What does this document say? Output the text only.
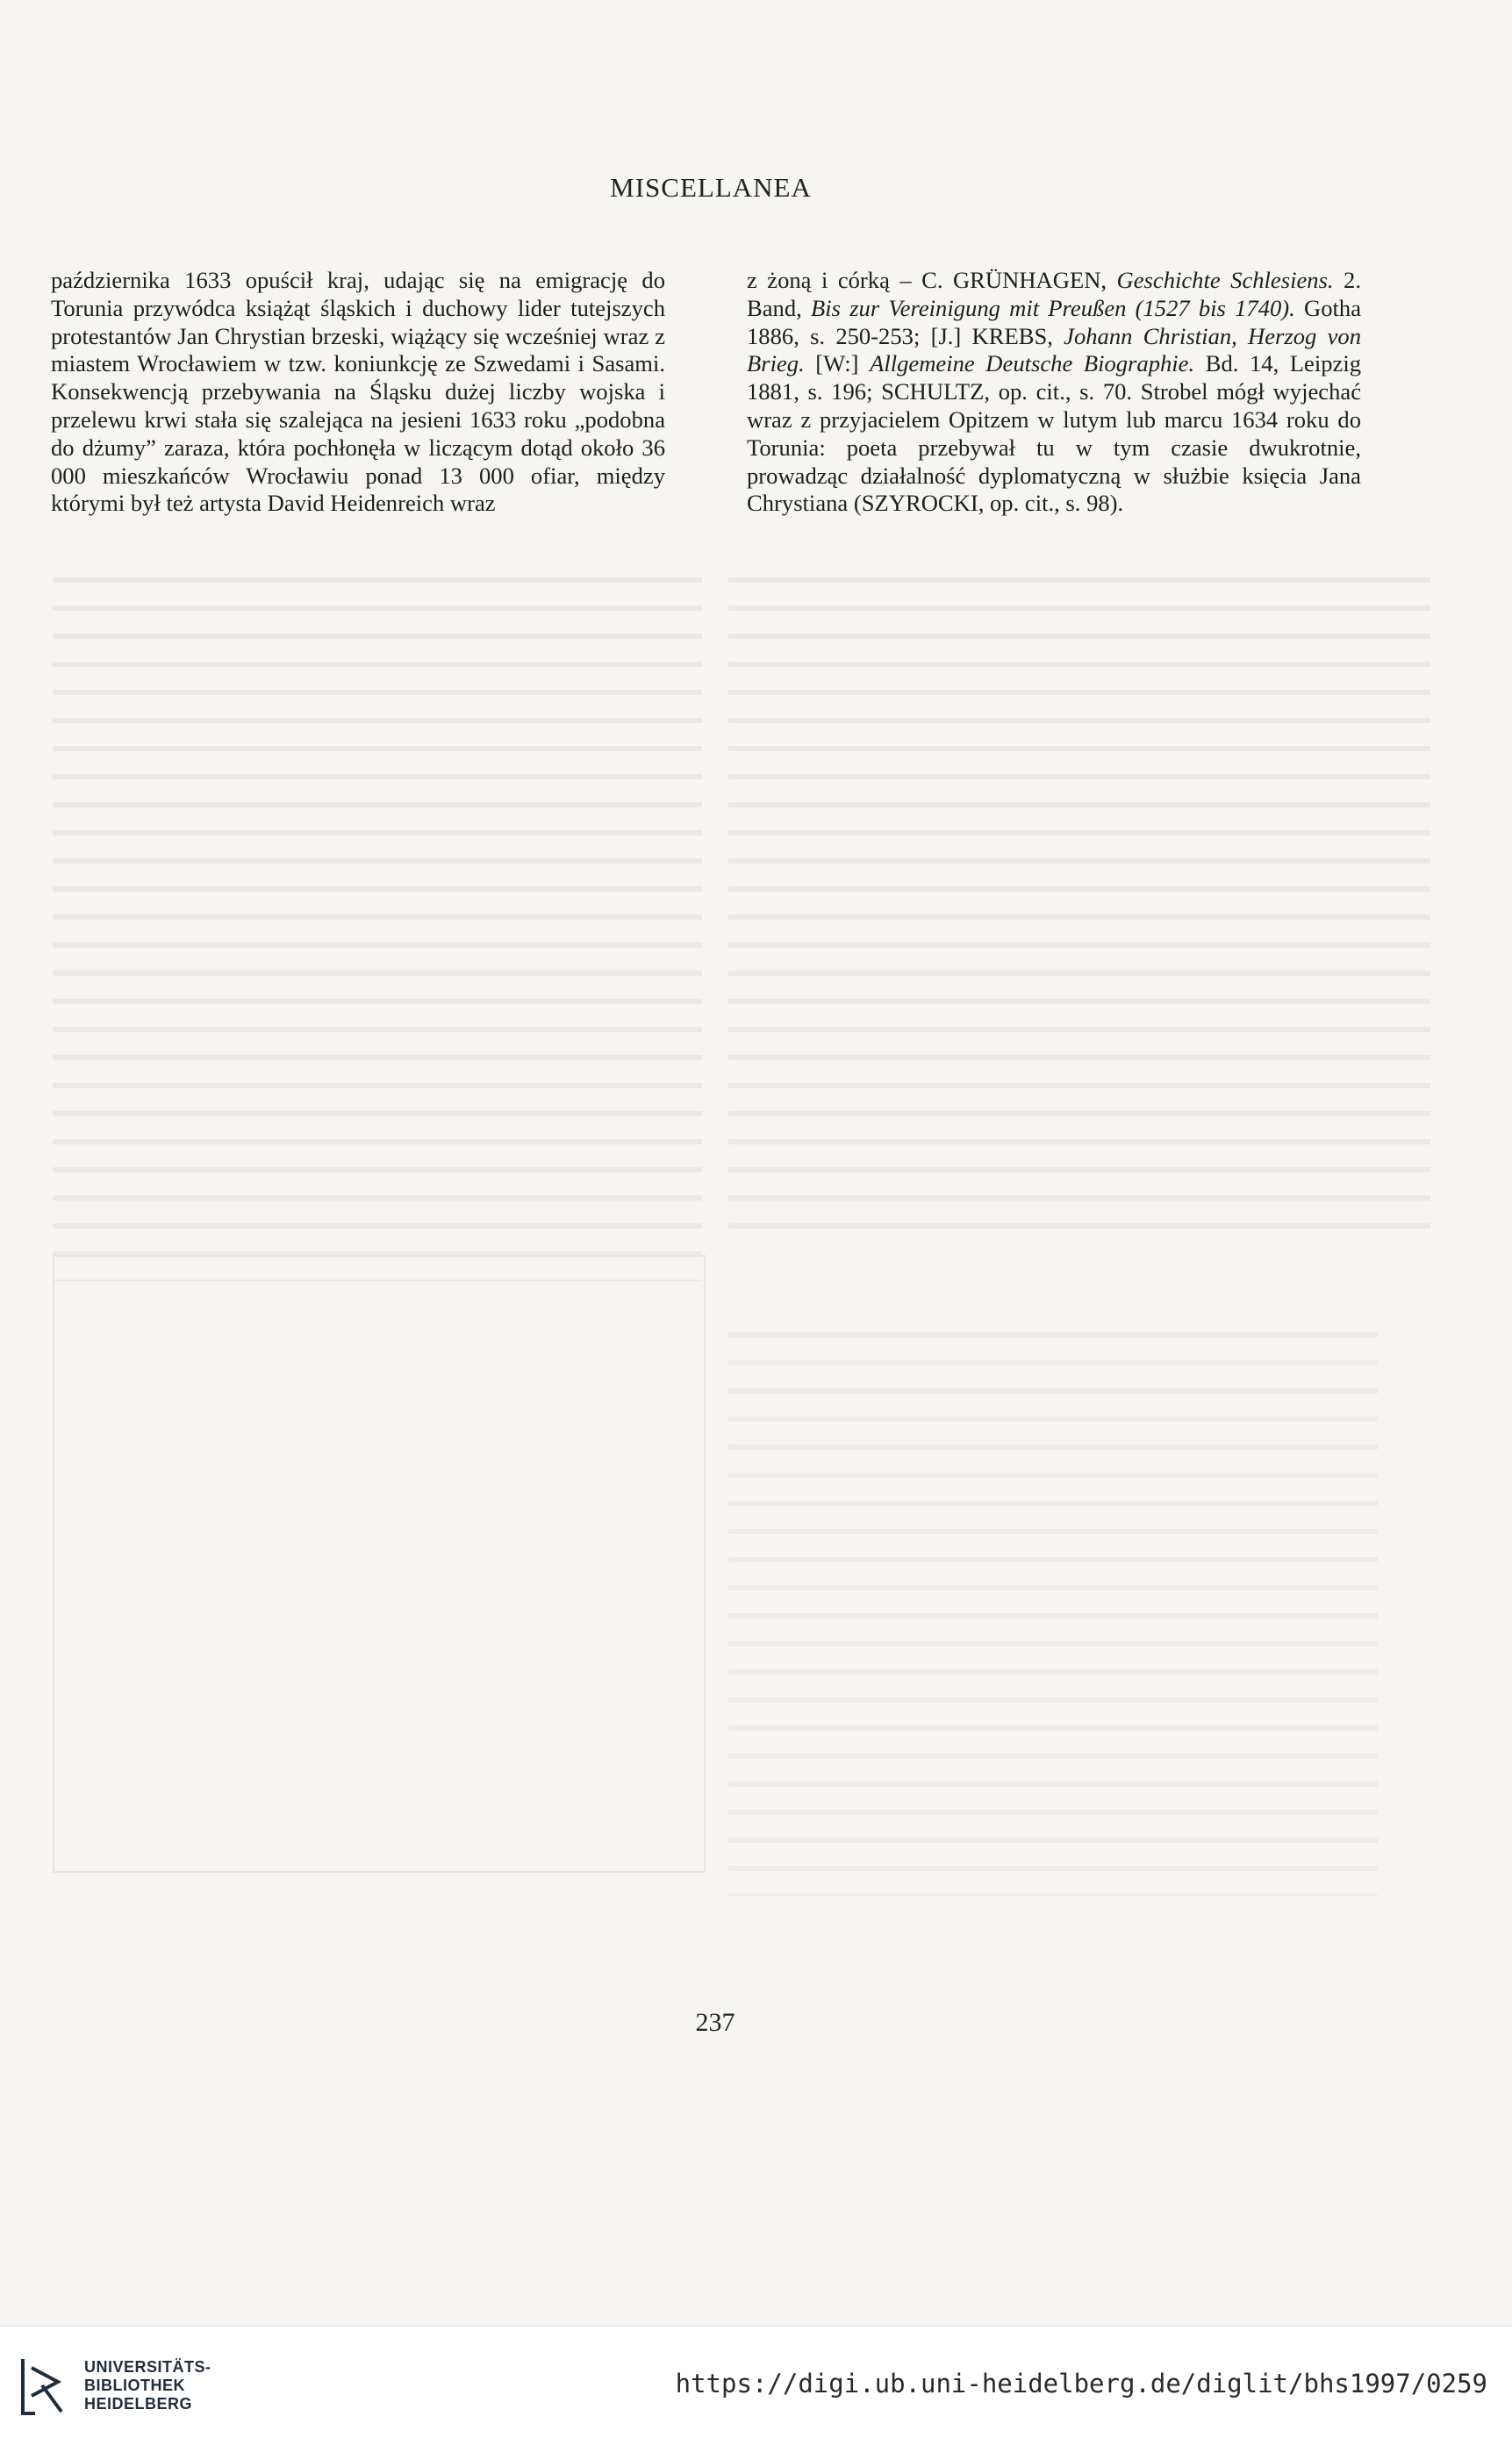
MISCELLANEA

października 1633 opuścił kraj, udając się na emigrację do Torunia przywódca książąt śląskich i duchowy lider tutejszych protestantów Jan Chrystian brzeski, wiążący się wcześniej wraz z miastem Wrocławiem w tzw. koniunkcję ze Szwedami i Sasami. Konsekwencją przebywania na Śląsku dużej liczby wojska i przelewu krwi stała się szalejąca na jesieni 1633 roku „podobna do dżumy” zaraza, która pochłonęła w liczącym dotąd około 36 000 mieszkańców Wrocławiu ponad 13 000 ofiar, między którymi był też artysta David Heidenreich wraz

z żoną i córką – C. GRÜNHAGEN, Geschichte Schlesiens. 2. Band, Bis zur Vereinigung mit Preußen (1527 bis 1740). Gotha 1886, s. 250-253; [J.] KREBS, Johann Christian, Herzog von Brieg. [W:] Allgemeine Deutsche Biographie. Bd. 14, Leipzig 1881, s. 196; SCHULTZ, op. cit., s. 70. Strobel mógł wyjechać wraz z przyjacielem Opitzem w lutym lub marcu 1634 roku do Torunia: poeta przebywał tu w tym czasie dwukrotnie, prowadząc działalność dyplomatyczną w służbie księcia Jana Chrystiana (SZYROCKI, op. cit., s. 98).

237
UNIVERSITÄTS-
BIBLIOTHEK
HEIDELBERG
https://digi.ub.uni-heidelberg.de/diglit/bhs1997/0259
